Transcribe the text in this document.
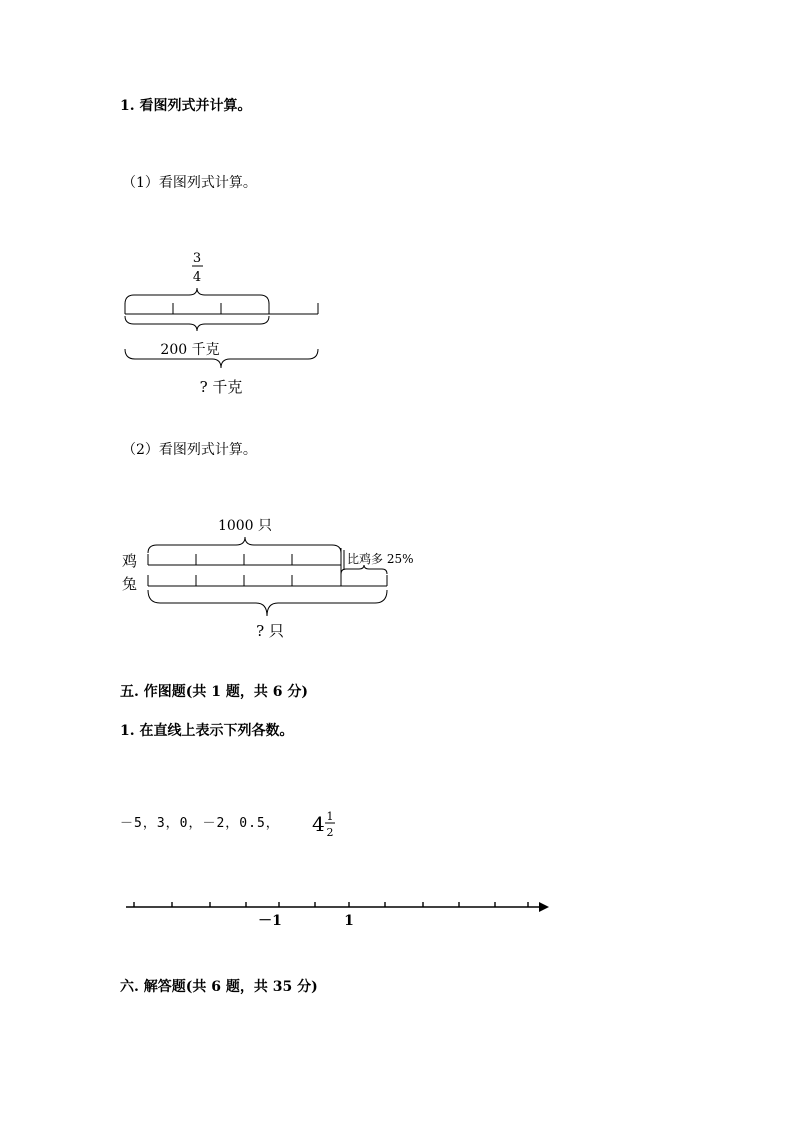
1. 看图列式并计算。
（1）看图列式计算。
3
4
200 千克
? 千克
（2）看图列式计算。
1000 只
鸡
兔
比鸡多 25%
? 只
五. 作图题(共 1 题，共 6 分)
1. 在直线上表示下列各数。
－5，3，0，－2，0.5， 4 1
2
－1	1
六. 解答题(共 6 题，共 35 分)
